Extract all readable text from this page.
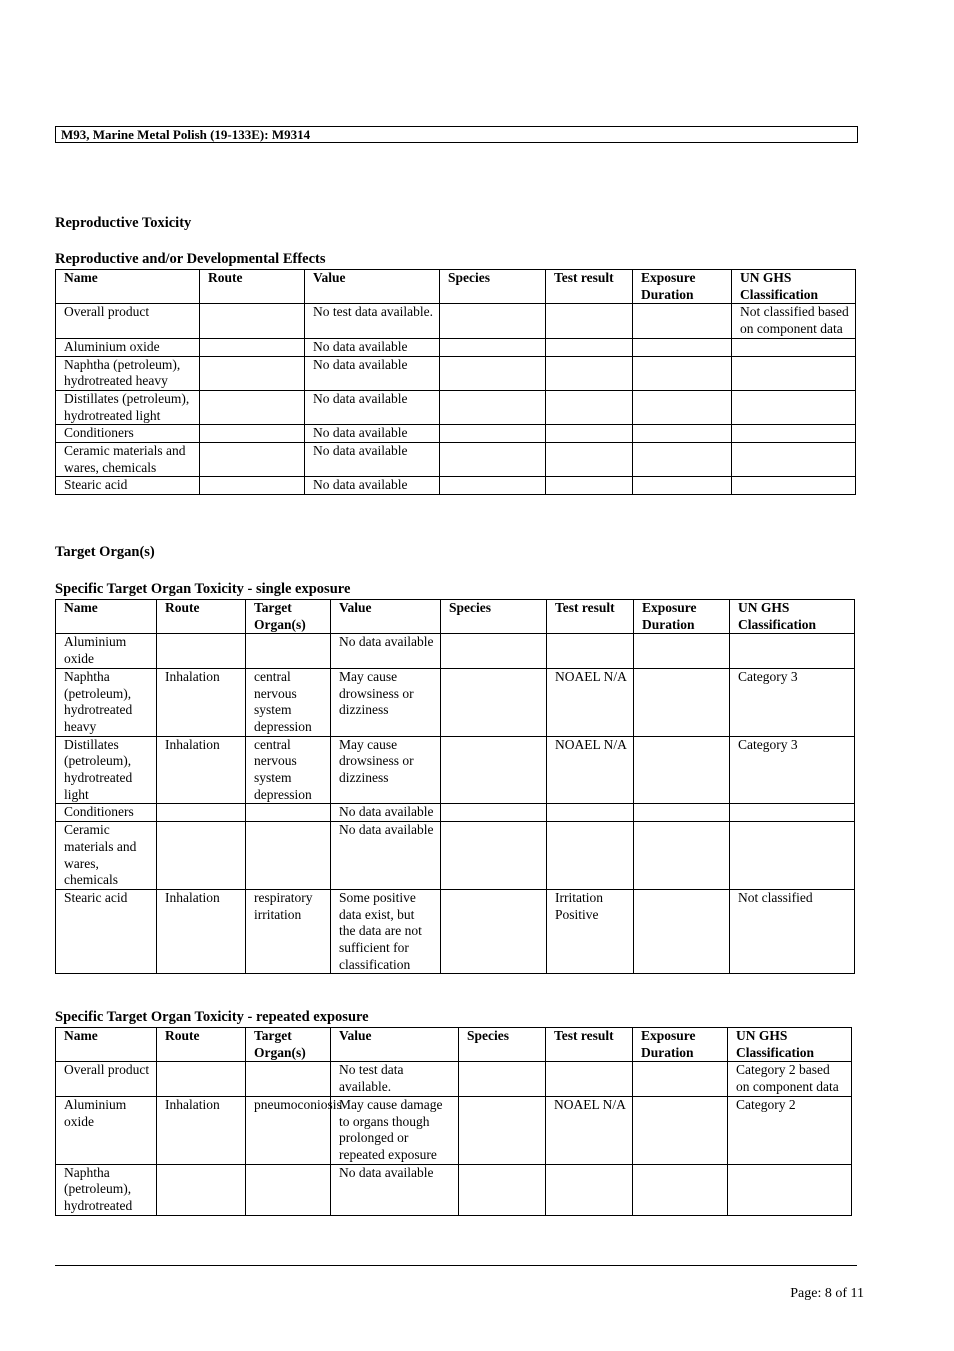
M93, Marine Metal Polish (19-133E): M9314
Reproductive Toxicity
Reproductive and/or Developmental Effects
Name	Route	Value	Species	Test result	Exposure Duration	UN GHS Classification
Overall product		No test data available.				Not classified based on component data
Aluminium oxide		No data available				
Naphtha (petroleum), hydrotreated heavy		No data available				
Distillates (petroleum), hydrotreated light		No data available				
Conditioners		No data available				
Ceramic materials and wares, chemicals		No data available				
Stearic acid		No data available				
Target Organ(s)
Specific Target Organ Toxicity - single exposure
Name	Route	Target Organ(s)	Value	Species	Test result	Exposure Duration	UN GHS Classification
Aluminium oxide			No data available				
Naphtha (petroleum), hydrotreated heavy	Inhalation	central nervous system depression	May cause drowsiness or dizziness		NOAEL N/A		Category 3
Distillates (petroleum), hydrotreated light	Inhalation	central nervous system depression	May cause drowsiness or dizziness		NOAEL N/A		Category 3
Conditioners			No data available				
Ceramic materials and wares, chemicals			No data available				
Stearic acid	Inhalation	respiratory irritation	Some positive data exist, but the data are not sufficient for classification		Irritation Positive		Not classified
Specific Target Organ Toxicity - repeated exposure
Name	Route	Target Organ(s)	Value	Species	Test result	Exposure Duration	UN GHS Classification
Overall product			No test data available.				Category 2 based on component data
Aluminium oxide	Inhalation	pneumoconiosis	May cause damage to organs though prolonged or repeated exposure		NOAEL N/A		Category 2
Naphtha (petroleum), hydrotreated			No data available				
Page: 8 of 11
